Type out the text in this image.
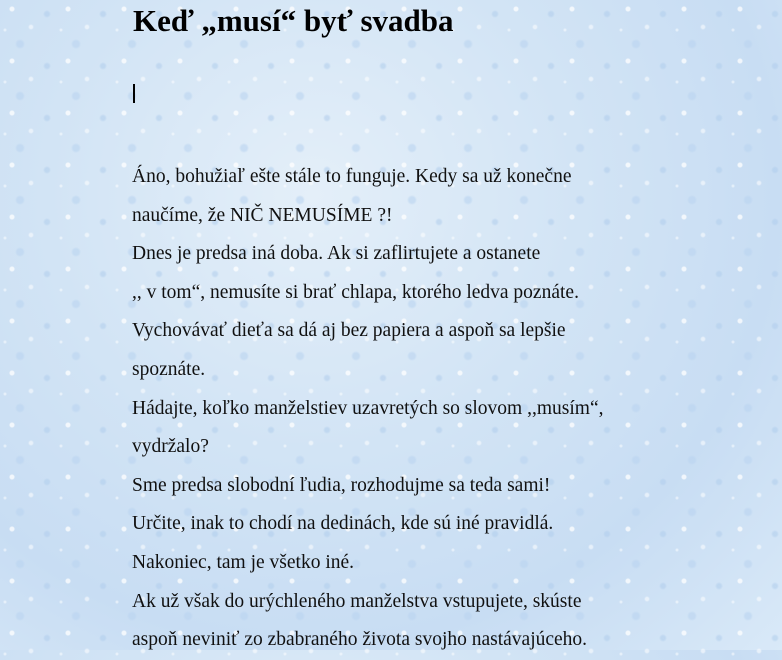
Keď „musí“ byť svadba
Áno, bohužiaľ ešte stále to funguje. Kedy sa už konečne
naučíme, že NIČ NEMUSÍME ?!
Dnes je predsa iná doba. Ak si zaflirtujete a ostanete
,, v tom“, nemusíte si brať chlapa, ktorého ledva poznáte.
Vychovávať dieťa sa dá aj bez papiera a aspoň sa lepšie
spoznáte.
Hádajte, koľko manželstiev uzavretých so slovom ,,musím“,
vydržalo?
Sme predsa slobodní ľudia, rozhodujme sa teda sami!
Určite, inak to chodí na dedinách, kde sú iné pravidlá.
Nakoniec, tam je všetko iné.
Ak už však do urýchleného manželstva vstupujete, skúste
aspoň neviniť zo zbabraného života svojho nastávajúceho.
